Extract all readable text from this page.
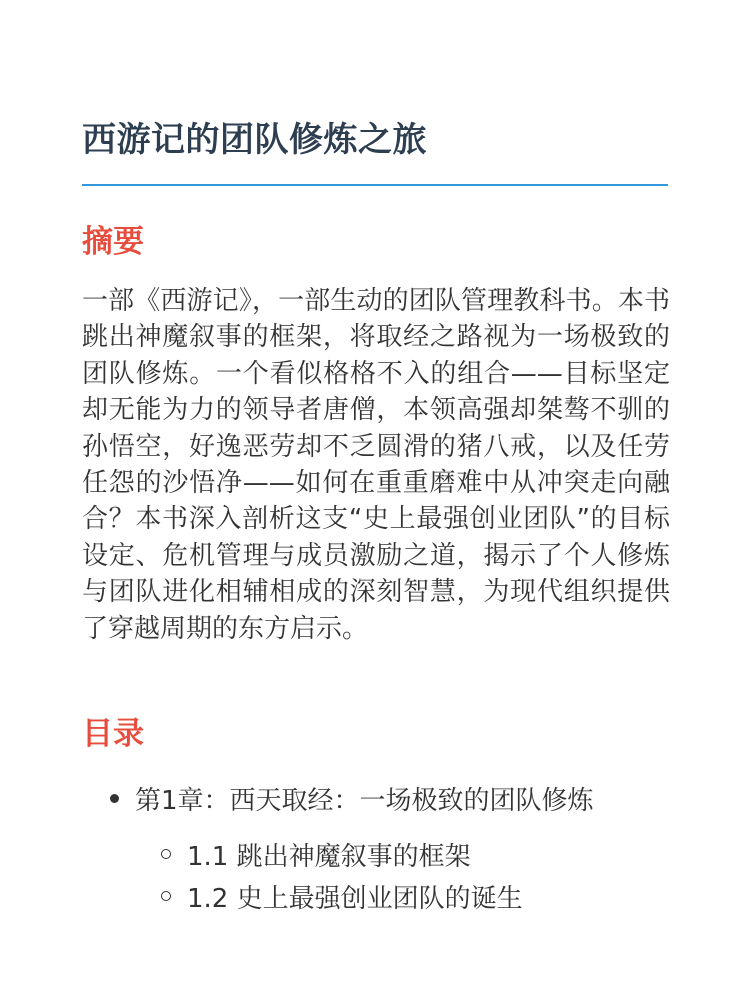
西游记的团队修炼之旅
摘要

一部《西游记》，一部生动的团队管理教科书。本书跳出神魔叙事的框架，将取经之路视为一场极致的团队修炼。一个看似格格不入的组合——目标坚定却无能为力的领导者唐僧，本领高强却桀骜不驯的孙悟空，好逸恶劳却不乏圆滑的猪八戒，以及任劳任怨的沙悟净——如何在重重磨难中从冲突走向融合？本书深入剖析这支“史上最强创业团队”的目标设定、危机管理与成员激励之道，揭示了个人修炼与团队进化相辅相成的深刻智慧，为现代组织提供了穿越周期的东方启示。

目录
第1章：西天取经：一场极致的团队修炼
1.1 跳出神魔叙事的框架
1.2 史上最强创业团队的诞生
